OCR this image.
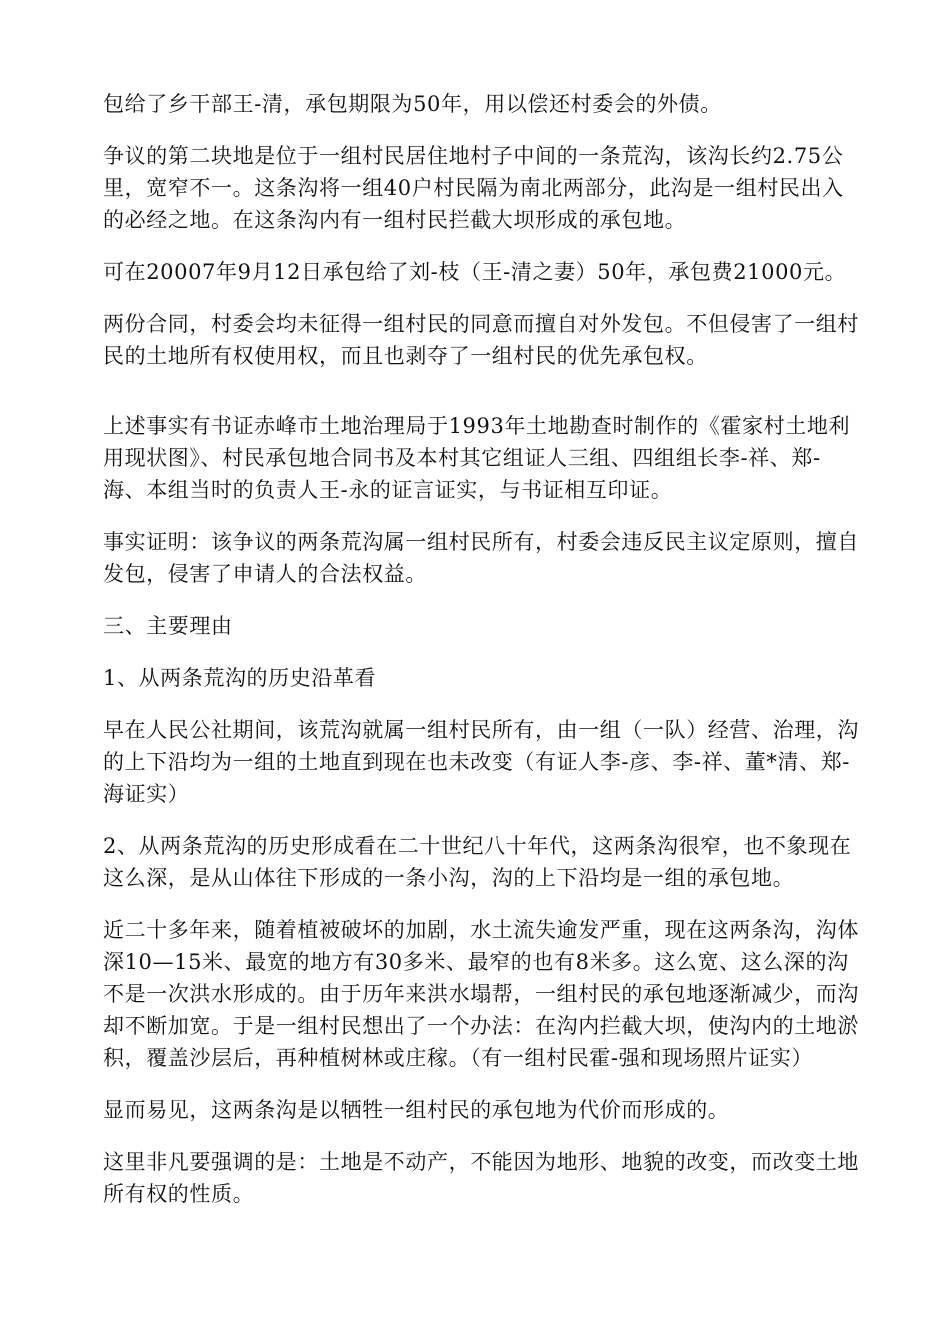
包给了乡干部王-清，承包期限为50年，用以偿还村委会的外债。

争议的第二块地是位于一组村民居住地村子中间的一条荒沟，该沟长约2.75公里，宽窄不一。这条沟将一组40户村民隔为南北两部分，此沟是一组村民出入的必经之地。在这条沟内有一组村民拦截大坝形成的承包地。

可在20007年9月12日承包给了刘-枝（王-清之妻）50年，承包费21000元。

两份合同，村委会均未征得一组村民的同意而擅自对外发包。不但侵害了一组村民的土地所有权使用权，而且也剥夺了一组村民的优先承包权。

上述事实有书证赤峰市土地治理局于1993年土地勘查时制作的《霍家村土地利用现状图》、村民承包地合同书及本村其它组证人三组、四组组长李-祥、郑-海、本组当时的负责人王-永的证言证实，与书证相互印证。

事实证明：该争议的两条荒沟属一组村民所有，村委会违反民主议定原则，擅自发包，侵害了申请人的合法权益。

三、主要理由

1、从两条荒沟的历史沿革看

早在人民公社期间，该荒沟就属一组村民所有，由一组（一队）经营、治理，沟的上下沿均为一组的土地直到现在也未改变（有证人李-彦、李-祥、董*清、郑-海证实）

2、从两条荒沟的历史形成看在二十世纪八十年代，这两条沟很窄，也不象现在这么深，是从山体往下形成的一条小沟，沟的上下沿均是一组的承包地。

近二十多年来，随着植被破坏的加剧，水土流失逾发严重，现在这两条沟，沟体深10—15米、最宽的地方有30多米、最窄的也有8米多。这么宽、这么深的沟不是一次洪水形成的。由于历年来洪水塌帮，一组村民的承包地逐渐减少，而沟却不断加宽。于是一组村民想出了一个办法：在沟内拦截大坝，使沟内的土地淤积，覆盖沙层后，再种植树林或庄稼。（有一组村民霍-强和现场照片证实）

显而易见，这两条沟是以牺牲一组村民的承包地为代价而形成的。

这里非凡要强调的是：土地是不动产，不能因为地形、地貌的改变，而改变土地所有权的性质。
